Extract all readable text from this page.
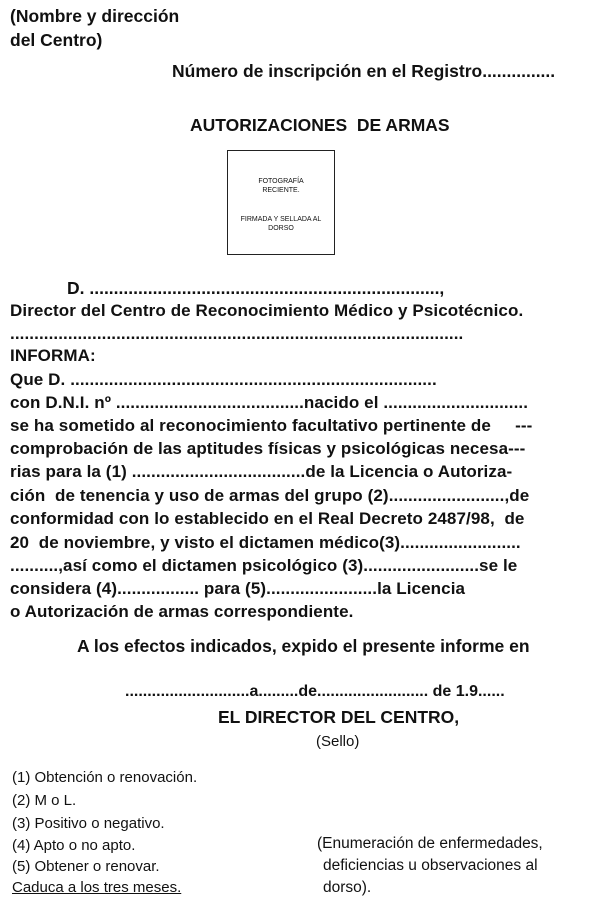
(Nombre y dirección
del Centro)
Número de inscripción en el Registro...............
AUTORIZACIONES  DE ARMAS
FOTOGRAFÍA
RECIENTE.
FIRMADA Y SELLADA AL
DORSO
D. ........................................................................,
Director del Centro de Reconocimiento Médico y Psicotécnico.
..............................................................................................
INFORMA:
Que D. ............................................................................
con D.N.I. nº .......................................nacido el ..............................
se ha sometido al reconocimiento facultativo pertinente de     ---
comprobación de las aptitudes físicas y psicológicas necesa---
rias para la (1) ....................................de la Licencia o Autoriza-
ción  de tenencia y uso de armas del grupo (2)........................,de
conformidad con lo establecido en el Real Decreto 2487/98,  de
20  de noviembre, y visto el dictamen médico(3).........................
..........,así como el dictamen psicológico (3)........................se le
considera (4)................. para (5).......................la Licencia
o Autorización de armas correspondiente.
A los efectos indicados, expido el presente informe en
............................a.........de......................... de 1.9......
EL DIRECTOR DEL CENTRO,
(Sello)
(1) Obtención o renovación.
(2) M o L.
(3) Positivo o negativo.
(4) Apto o no apto.
(5) Obtener o renovar.
Caduca a los tres meses.
(Enumeración de enfermedades,
deficiencias u observaciones al
dorso).
